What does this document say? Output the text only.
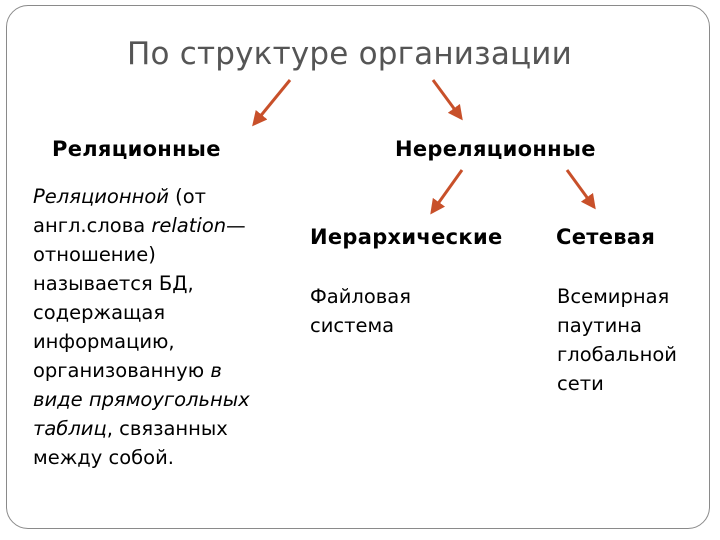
По структуре организации
Реляционные	Нереляционные
Иерархические	Сетевая
Реляционной (от
англ.слова relation—
отношение)
называется БД,
содержащая
информацию,
организованную в
виде прямоугольных
таблиц, связанных
между собой.
Файловая
система
Всемирная
паутина
глобальной
сети
